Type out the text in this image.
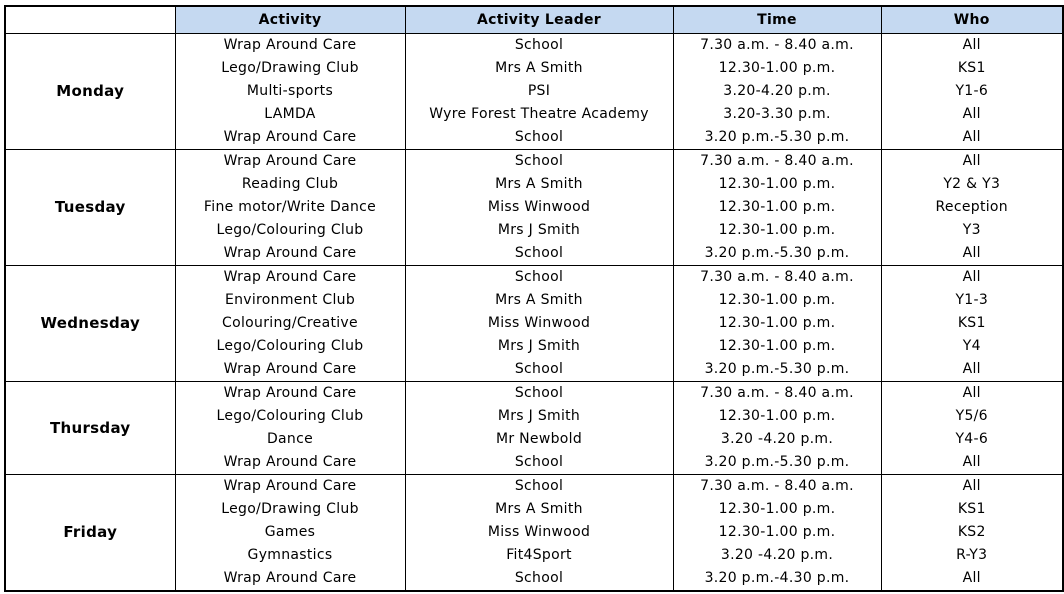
	Activity	Activity Leader	Time	Who
Monday	Wrap Around Care	School	7.30 a.m. - 8.40 a.m.	All
	Lego/Drawing Club	Mrs A Smith	12.30-1.00 p.m.	KS1
	Multi-sports	PSI	3.20-4.20 p.m.	Y1-6
	LAMDA	Wyre Forest Theatre Academy	3.20-3.30 p.m.	All
	Wrap Around Care	School	3.20 p.m.-5.30 p.m.	All
Tuesday	Wrap Around Care	School	7.30 a.m. - 8.40 a.m.	All
	Reading Club	Mrs A Smith	12.30-1.00 p.m.	Y2 & Y3
	Fine motor/Write Dance	Miss Winwood	12.30-1.00 p.m.	Reception
	Lego/Colouring Club	Mrs J Smith	12.30-1.00 p.m.	Y3
	Wrap Around Care	School	3.20 p.m.-5.30 p.m.	All
Wednesday	Wrap Around Care	School	7.30 a.m. - 8.40 a.m.	All
	Environment Club	Mrs A Smith	12.30-1.00 p.m.	Y1-3
	Colouring/Creative	Miss Winwood	12.30-1.00 p.m.	KS1
	Lego/Colouring Club	Mrs J Smith	12.30-1.00 p.m.	Y4
	Wrap Around Care	School	3.20 p.m.-5.30 p.m.	All
Thursday	Wrap Around Care	School	7.30 a.m. - 8.40 a.m.	All
	Lego/Colouring Club	Mrs J Smith	12.30-1.00 p.m.	Y5/6
	Dance	Mr Newbold	3.20 -4.20 p.m.	Y4-6
	Wrap Around Care	School	3.20 p.m.-5.30 p.m.	All
Friday	Wrap Around Care	School	7.30 a.m. - 8.40 a.m.	All
	Lego/Drawing Club	Mrs A Smith	12.30-1.00 p.m.	KS1
	Games	Miss Winwood	12.30-1.00 p.m.	KS2
	Gymnastics	Fit4Sport	3.20 -4.20 p.m.	R-Y3
	Wrap Around Care	School	3.20 p.m.-4.30 p.m.	All
